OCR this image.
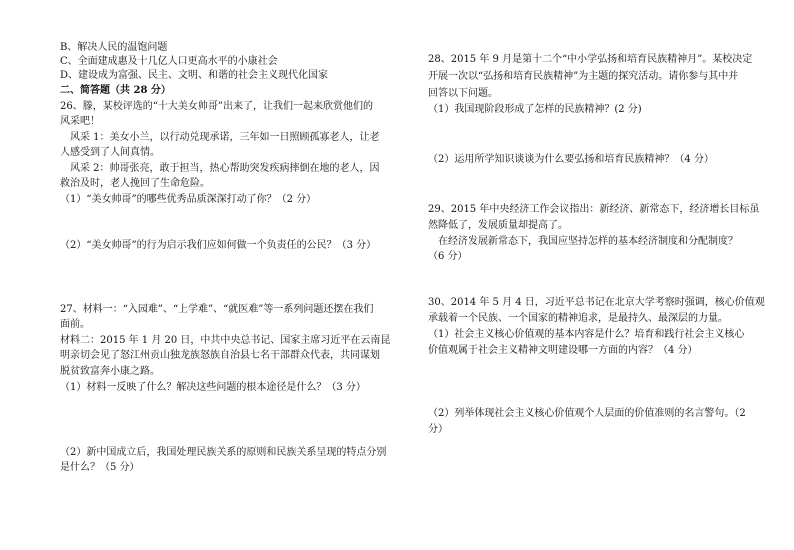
B、解决人民的温饱问题
C、全面建成惠及十几亿人口更高水平的小康社会
D、建设成为富强、民主、文明、和谐的社会主义现代化国家
二、简答题（共 28 分）
26、滕，某校评选的“十大美女帅哥”出来了，让我们一起来欣赏他们的
风采吧！
风采 1：美女小兰，以行动兑现承诺，三年如一日照顾孤寡老人，让老
人感受到了人间真情。
风采 2：帅哥张亮，敢于担当，热心帮助突发疾病摔倒在地的老人，因
救治及时，老人挽回了生命危险。
（1）“美女帅哥”的哪些优秀品质深深打动了你？（2 分）
（2）“美女帅哥”的行为启示我们应如何做一个负责任的公民？（3 分）
27、材料一：“入园难”、“上学难”、“就医难”等一系列问题还摆在我们
面前。
材料二：2015 年 1 月 20 日，中共中央总书记、国家主席习近平在云南昆
明亲切会见了怒江州贡山独龙族怒族自治县七名干部群众代表，共同谋划
脱贫致富奔小康之路。
（1）材料一反映了什么？解决这些问题的根本途径是什么？（3 分）
（2）新中国成立后，我国处理民族关系的原则和民族关系呈现的特点分别
是什么？（5 分）
28、2015 年 9 月是第十二个“中小学弘扬和培育民族精神月”。某校决定
开展一次以“弘扬和培育民族精神”为主题的探究活动。请你参与其中并
回答以下问题。
（1）我国现阶段形成了怎样的民族精神？(2 分)
（2）运用所学知识谈谈为什么要弘扬和培育民族精神？（4 分）
29、2015 年中央经济工作会议指出：新经济、新常态下，经济增长目标虽
然降低了，发展质量却提高了。
在经济发展新常态下，我国应坚持怎样的基本经济制度和分配制度？
（6 分）
30、2014 年 5 月 4 日，习近平总书记在北京大学考察时强调，核心价值观
承载着一个民族、一个国家的精神追求，是最持久、最深层的力量。
（1）社会主义核心价值观的基本内容是什么？培育和践行社会主义核心
价值观属于社会主义精神文明建设哪一方面的内容？（4 分）
（2）列举体现社会主义核心价值观个人层面的价值准则的名言警句。（2
分）
